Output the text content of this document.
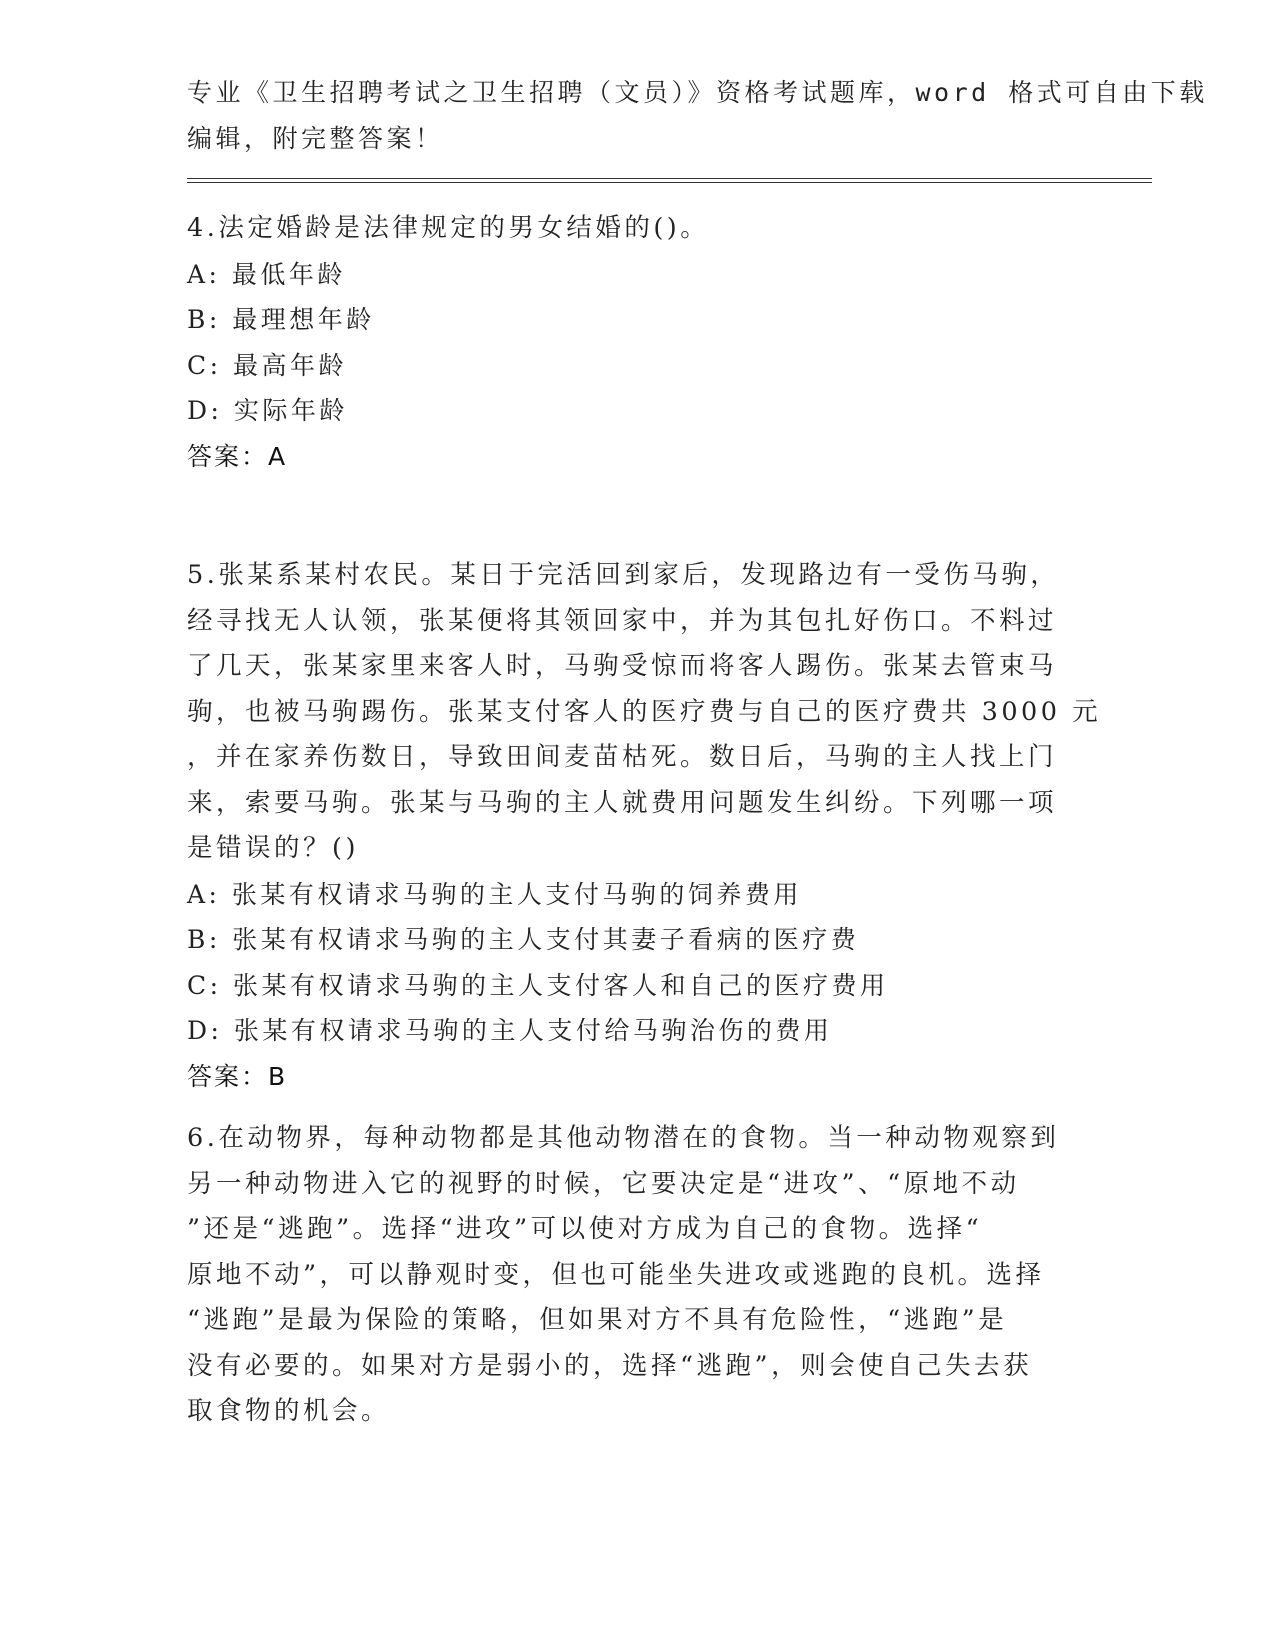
专业《卫生招聘考试之卫生招聘（文员）》资格考试题库，word 格式可自由下载
编辑，附完整答案！
4.法定婚龄是法律规定的男女结婚的()。
A: 最低年龄
B: 最理想年龄
C: 最高年龄
D: 实际年龄
答案：A
5.张某系某村农民。某日于完活回到家后，发现路边有一受伤马驹，
经寻找无人认领，张某便将其领回家中，并为其包扎好伤口。不料过
了几天，张某家里来客人时，马驹受惊而将客人踢伤。张某去管束马
驹，也被马驹踢伤。张某支付客人的医疗费与自己的医疗费共 3000 元
，并在家养伤数日，导致田间麦苗枯死。数日后，马驹的主人找上门
来，索要马驹。张某与马驹的主人就费用问题发生纠纷。下列哪一项
是错误的？()
A: 张某有权请求马驹的主人支付马驹的饲养费用
B: 张某有权请求马驹的主人支付其妻子看病的医疗费
C: 张某有权请求马驹的主人支付客人和自己的医疗费用
D: 张某有权请求马驹的主人支付给马驹治伤的费用
答案：B
6.在动物界，每种动物都是其他动物潜在的食物。当一种动物观察到
另一种动物进入它的视野的时候，它要决定是“进攻”、“原地不动
”还是“逃跑”。选择“进攻”可以使对方成为自己的食物。选择“
原地不动”，可以静观时变，但也可能坐失进攻或逃跑的良机。选择
“逃跑”是最为保险的策略，但如果对方不具有危险性，“逃跑”是
没有必要的。如果对方是弱小的，选择“逃跑”，则会使自己失去获
取食物的机会。
